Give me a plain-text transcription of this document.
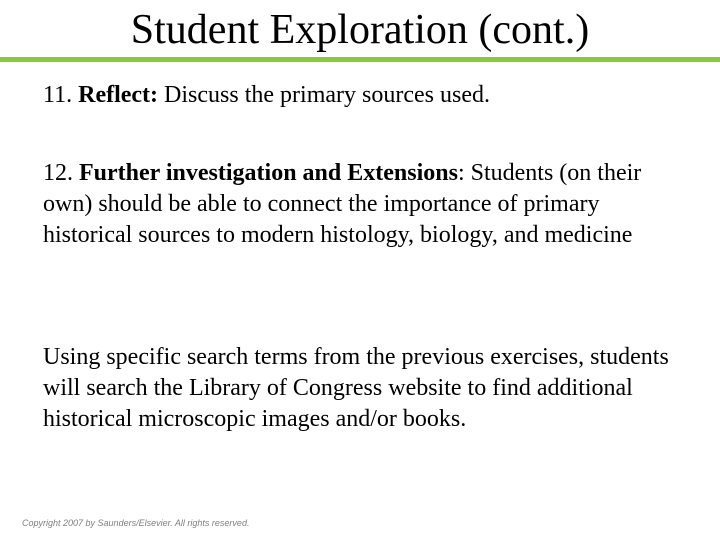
Student Exploration (cont.)

11. Reflect: Discuss the primary sources used.

12. Further investigation and Extensions: Students (on their own) should be able to connect the importance of primary historical sources to modern histology, biology, and medicine

Using specific search terms from the previous exercises, students will search the Library of Congress website to find additional historical microscopic images and/or books.

Copyright 2007 by Saunders/Elsevier. All rights reserved.
